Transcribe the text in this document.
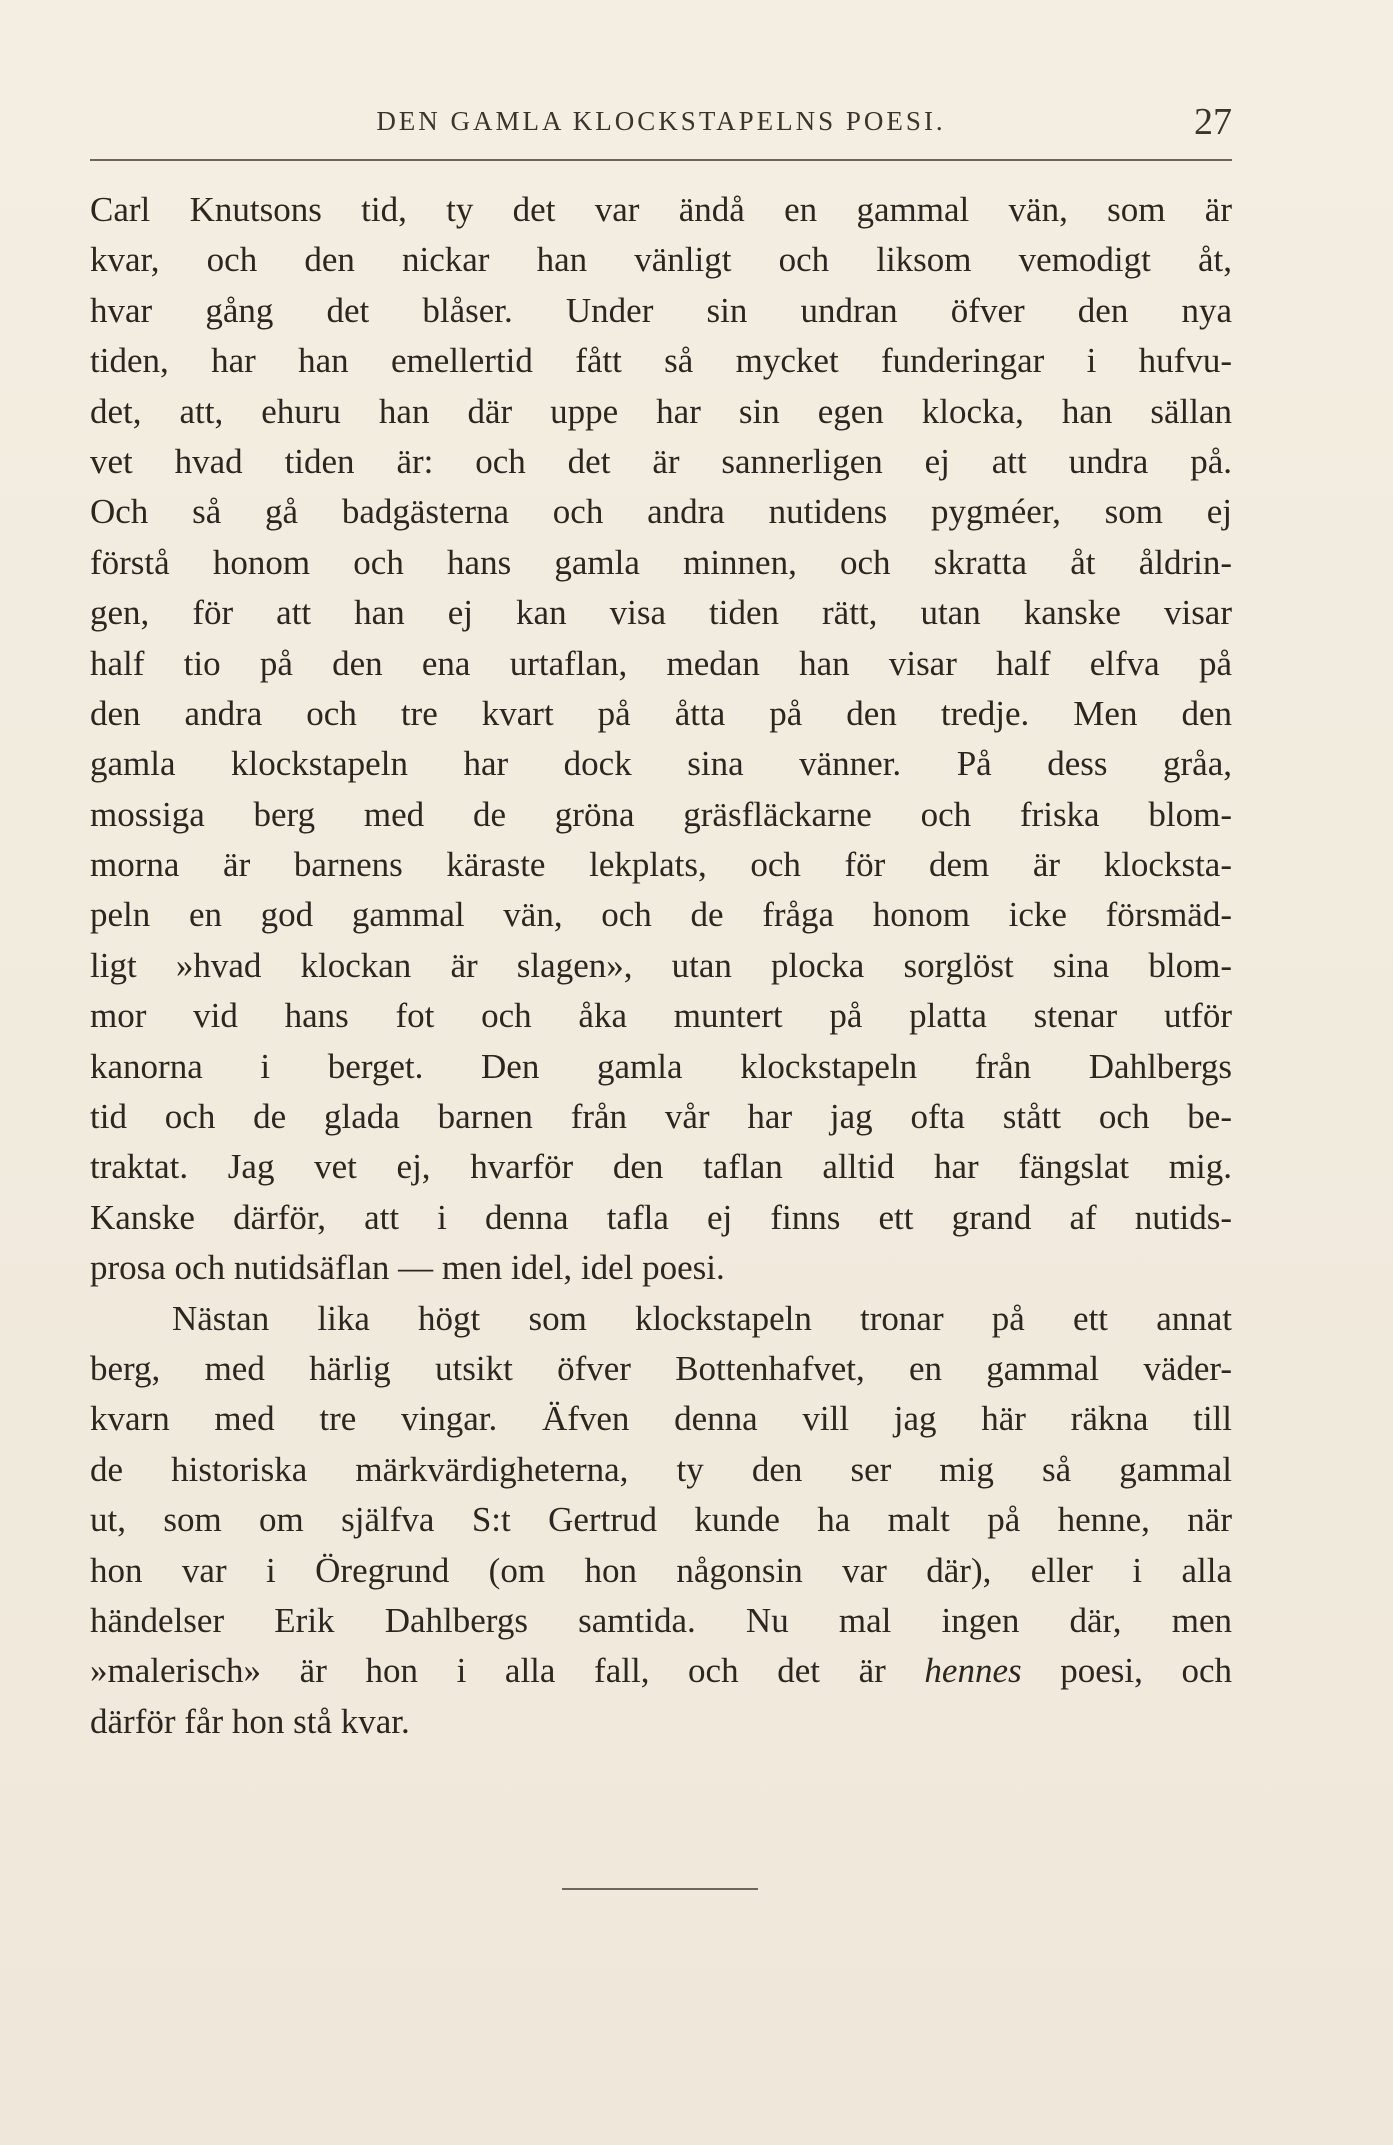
DEN GAMLA KLOCKSTAPELNS POESI.	27
Carl Knutsons tid, ty det var ändå en gammal vän, som är
kvar, och den nickar han vänligt och liksom vemodigt åt,
hvar gång det blåser. Under sin undran öfver den nya
tiden, har han emellertid fått så mycket funderingar i hufvu-
det, att, ehuru han där uppe har sin egen klocka, han sällan
vet hvad tiden är: och det är sannerligen ej att undra på.
Och så gå badgästerna och andra nutidens pygméer, som ej
förstå honom och hans gamla minnen, och skratta åt åldrin-
gen, för att han ej kan visa tiden rätt, utan kanske visar
half tio på den ena urtaflan, medan han visar half elfva på
den andra och tre kvart på åtta på den tredje. Men den
gamla klockstapeln har dock sina vänner. På dess gråa,
mossiga berg med de gröna gräsfläckarne och friska blom-
morna är barnens käraste lekplats, och för dem är klocksta-
peln en god gammal vän, och de fråga honom icke försmäd-
ligt »hvad klockan är slagen», utan plocka sorglöst sina blom-
mor vid hans fot och åka muntert på platta stenar utför
kanorna i berget. Den gamla klockstapeln från Dahlbergs
tid och de glada barnen från vår har jag ofta stått och be-
traktat. Jag vet ej, hvarför den taflan alltid har fängslat mig.
Kanske därför, att i denna tafla ej finns ett grand af nutids-
prosa och nutidsäflan — men idel, idel poesi.
Nästan lika högt som klockstapeln tronar på ett annat
berg, med härlig utsikt öfver Bottenhafvet, en gammal väder-
kvarn med tre vingar. Äfven denna vill jag här räkna till
de historiska märkvärdigheterna, ty den ser mig så gammal
ut, som om själfva S:t Gertrud kunde ha malt på henne, när
hon var i Öregrund (om hon någonsin var där), eller i alla
händelser Erik Dahlbergs samtida. Nu mal ingen där, men
»malerisch» är hon i alla fall, och det är hennes poesi, och
därför får hon stå kvar.
